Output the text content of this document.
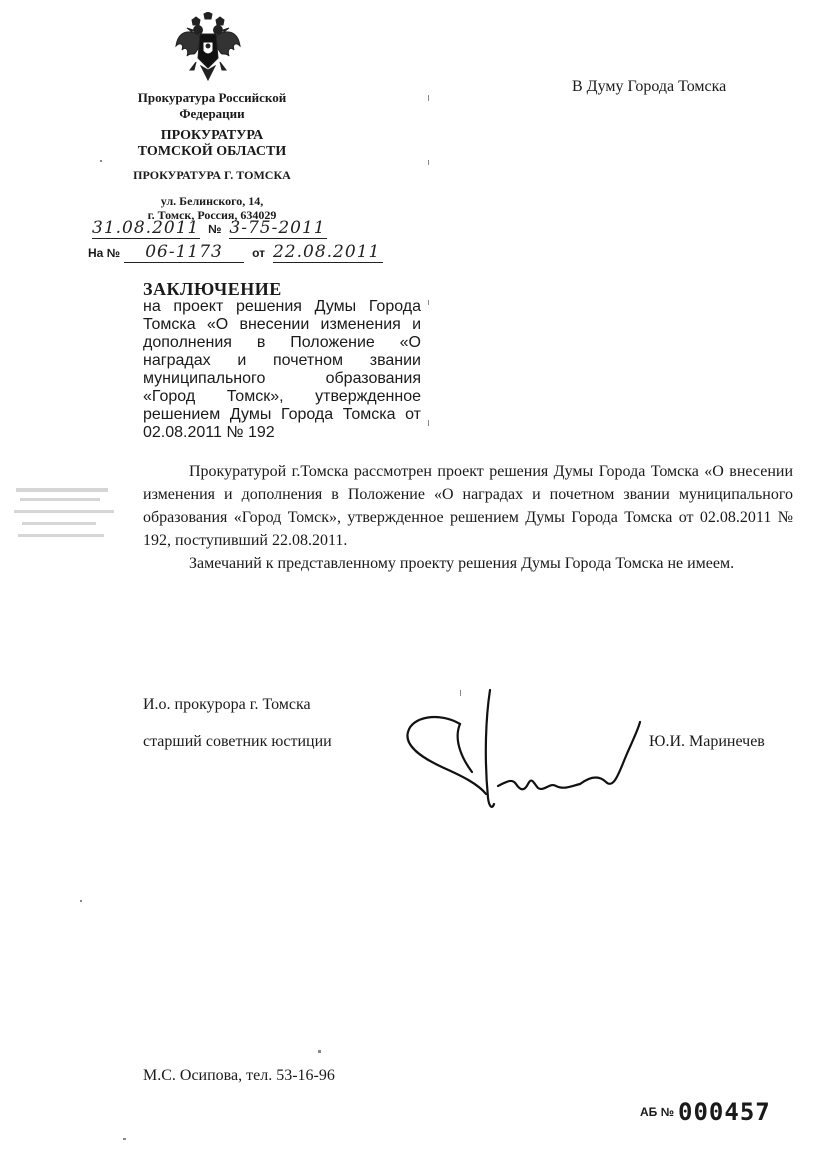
Прокуратура Российской
Федерации
ПРОКУРАТУРА
ТОМСКОЙ ОБЛАСТИ
ПРОКУРАТУРА Г. ТОМСКА
ул. Белинского, 14,
г. Томск, Россия, 634029
31.08.2011 № 3-75-2011
На № 06-1173 от 22.08.2011
В Думу Города Томска
ЗАКЛЮЧЕНИЕ
на проект решения Думы Города Томска «О внесении изменения и дополнения в Положение «О наградах и почетном звании муниципального образования «Город Томск», утвержденное решением Думы Города Томска от 02.08.2011 № 192

Прокуратурой г.Томска рассмотрен проект решения Думы Города Томска «О внесении изменения и дополнения в Положение «О наградах и почетном звании муниципального образования «Город Томск», утвержденное решением Думы Города Томска от 02.08.2011 № 192, поступивший 22.08.2011.

Замечаний к представленному проекту решения Думы Города Томска не имеем.

И.о. прокурора г. Томска
старший советник юстиции	Ю.И. Маринечев
М.С. Осипова, тел. 53-16-96
АБ № 000457
